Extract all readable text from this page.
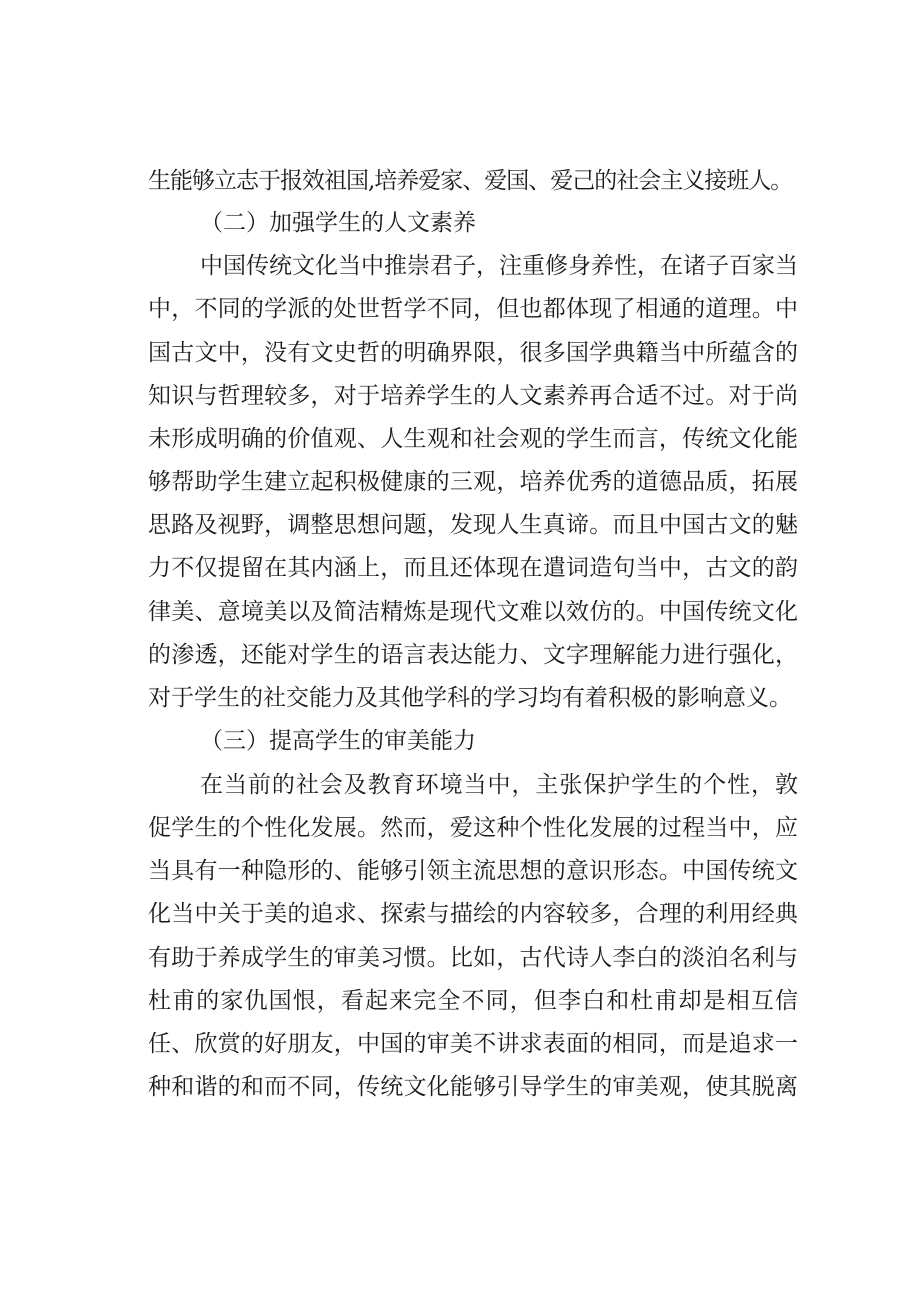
生能够立志于报效祖国,培养爱家、爱国、爱己的社会主义接班人。
（二）加强学生的人文素养
中国传统文化当中推崇君子，注重修身养性，在诸子百家当
中，不同的学派的处世哲学不同，但也都体现了相通的道理。中
国古文中，没有文史哲的明确界限，很多国学典籍当中所蕴含的
知识与哲理较多，对于培养学生的人文素养再合适不过。对于尚
未形成明确的价值观、人生观和社会观的学生而言，传统文化能
够帮助学生建立起积极健康的三观，培养优秀的道德品质，拓展
思路及视野，调整思想问题，发现人生真谛。而且中国古文的魅
力不仅提留在其内涵上，而且还体现在遣词造句当中，古文的韵
律美、意境美以及简洁精炼是现代文难以效仿的。中国传统文化
的渗透，还能对学生的语言表达能力、文字理解能力进行强化，
对于学生的社交能力及其他学科的学习均有着积极的影响意义。
（三）提高学生的审美能力
在当前的社会及教育环境当中，主张保护学生的个性，敦
促学生的个性化发展。然而，爱这种个性化发展的过程当中，应
当具有一种隐形的、能够引领主流思想的意识形态。中国传统文
化当中关于美的追求、探索与描绘的内容较多，合理的利用经典
有助于养成学生的审美习惯。比如，古代诗人李白的淡泊名利与
杜甫的家仇国恨，看起来完全不同，但李白和杜甫却是相互信
任、欣赏的好朋友，中国的审美不讲求表面的相同，而是追求一
种和谐的和而不同，传统文化能够引导学生的审美观，使其脱离
